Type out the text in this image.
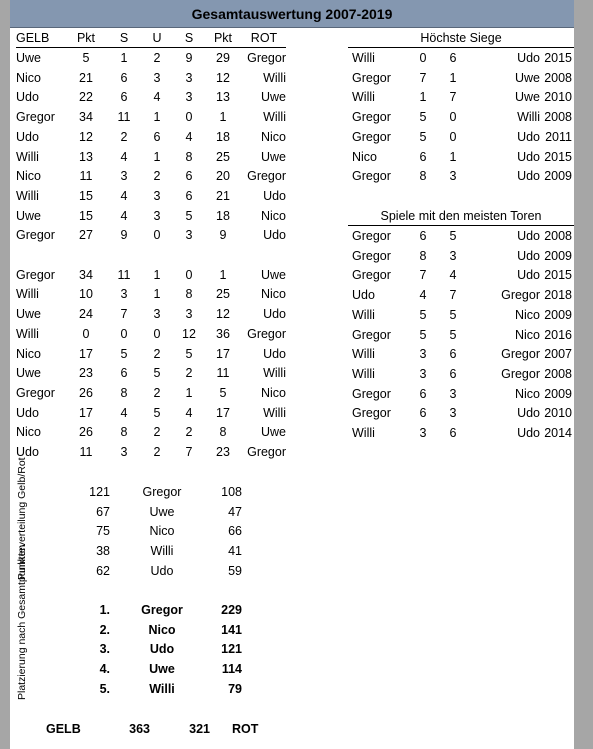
Gesamtauswertung 2007-2019
GELB	Pkt	S	U	S	Pkt	ROT
Uwe	5	1	2	9	29	Gregor
Nico	21	6	3	3	12	Willi
Udo	22	6	4	3	13	Uwe
Gregor	34	11	1	0	1	Willi
Udo	12	2	6	4	18	Nico
Willi	13	4	1	8	25	Uwe
Nico	11	3	2	6	20	Gregor
Willi	15	4	3	6	21	Udo
Uwe	15	4	3	5	18	Nico
Gregor	27	9	0	3	9	Udo
Gregor	34	11	1	0	1	Uwe
Willi	10	3	1	8	25	Nico
Uwe	24	7	3	3	12	Udo
Willi	0	0	0	12	36	Gregor
Nico	17	5	2	5	17	Udo
Uwe	23	6	5	2	11	Willi
Gregor	26	8	2	1	5	Nico
Udo	17	4	5	4	17	Willi
Nico	26	8	2	2	8	Uwe
Udo	11	3	2	7	23	Gregor
Höchste Siege
Willi	0	6	Udo 2015
Gregor	7	1	Uwe 2008
Willi	1	7	Uwe 2010
Gregor	5	0	Willi 2008
Gregor	5	0	Udo 2011
Nico	6	1	Udo 2015
Gregor	8	3	Udo 2009
Spiele mit den meisten Toren
Gregor	6	5	Udo 2008
Gregor	8	3	Udo 2009
Gregor	7	4	Udo 2015
Udo	4	7	Gregor 2018
Willi	5	5	Nico 2009
Gregor	5	5	Nico 2016
Willi	3	6	Gregor 2007
Willi	3	6	Gregor 2008
Gregor	6	3	Nico 2009
Gregor	6	3	Udo 2010
Willi	3	6	Udo 2014
Punkteverteilung Gelb/Rot	121	Gregor	108
67	Uwe	47
75	Nico	66
38	Willi	41
62	Udo	59
Platzierung nach Gesamtpunkten	1.	Gregor	229
2.	Nico	141
3.	Udo	121
4.	Uwe	114
5.	Willi	79
GELB	363	321 ROT
